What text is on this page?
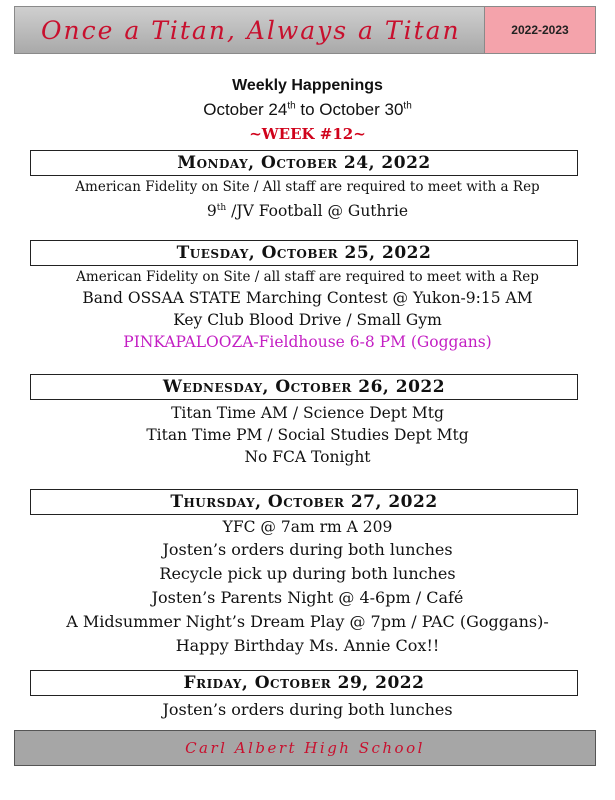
Once a Titan, Always a Titan	2022-2023
Weekly Happenings
October 24th to October 30th
~WEEK #12~
Monday, October 24, 2022
American Fidelity on Site / All staff are required to meet with a Rep
9th /JV Football @ Guthrie
Tuesday, October 25, 2022
American Fidelity on Site / all staff are required to meet with a Rep
Band OSSAA STATE Marching Contest @ Yukon-9:15 AM
Key Club Blood Drive / Small Gym
PINKAPALOOZA-Fieldhouse 6-8 PM (Goggans)
Wednesday, October 26, 2022
Titan Time AM / Science Dept Mtg
Titan Time PM / Social Studies Dept Mtg
No FCA Tonight
Thursday, October 27, 2022
YFC @ 7am rm A 209
Josten’s orders during both lunches
Recycle pick up during both lunches
Josten’s Parents Night @ 4-6pm / Café
A Midsummer Night’s Dream Play @ 7pm / PAC (Goggans)-
Happy Birthday Ms. Annie Cox!!
Friday, October 29, 2022
Josten’s orders during both lunches
Carl Albert High School
